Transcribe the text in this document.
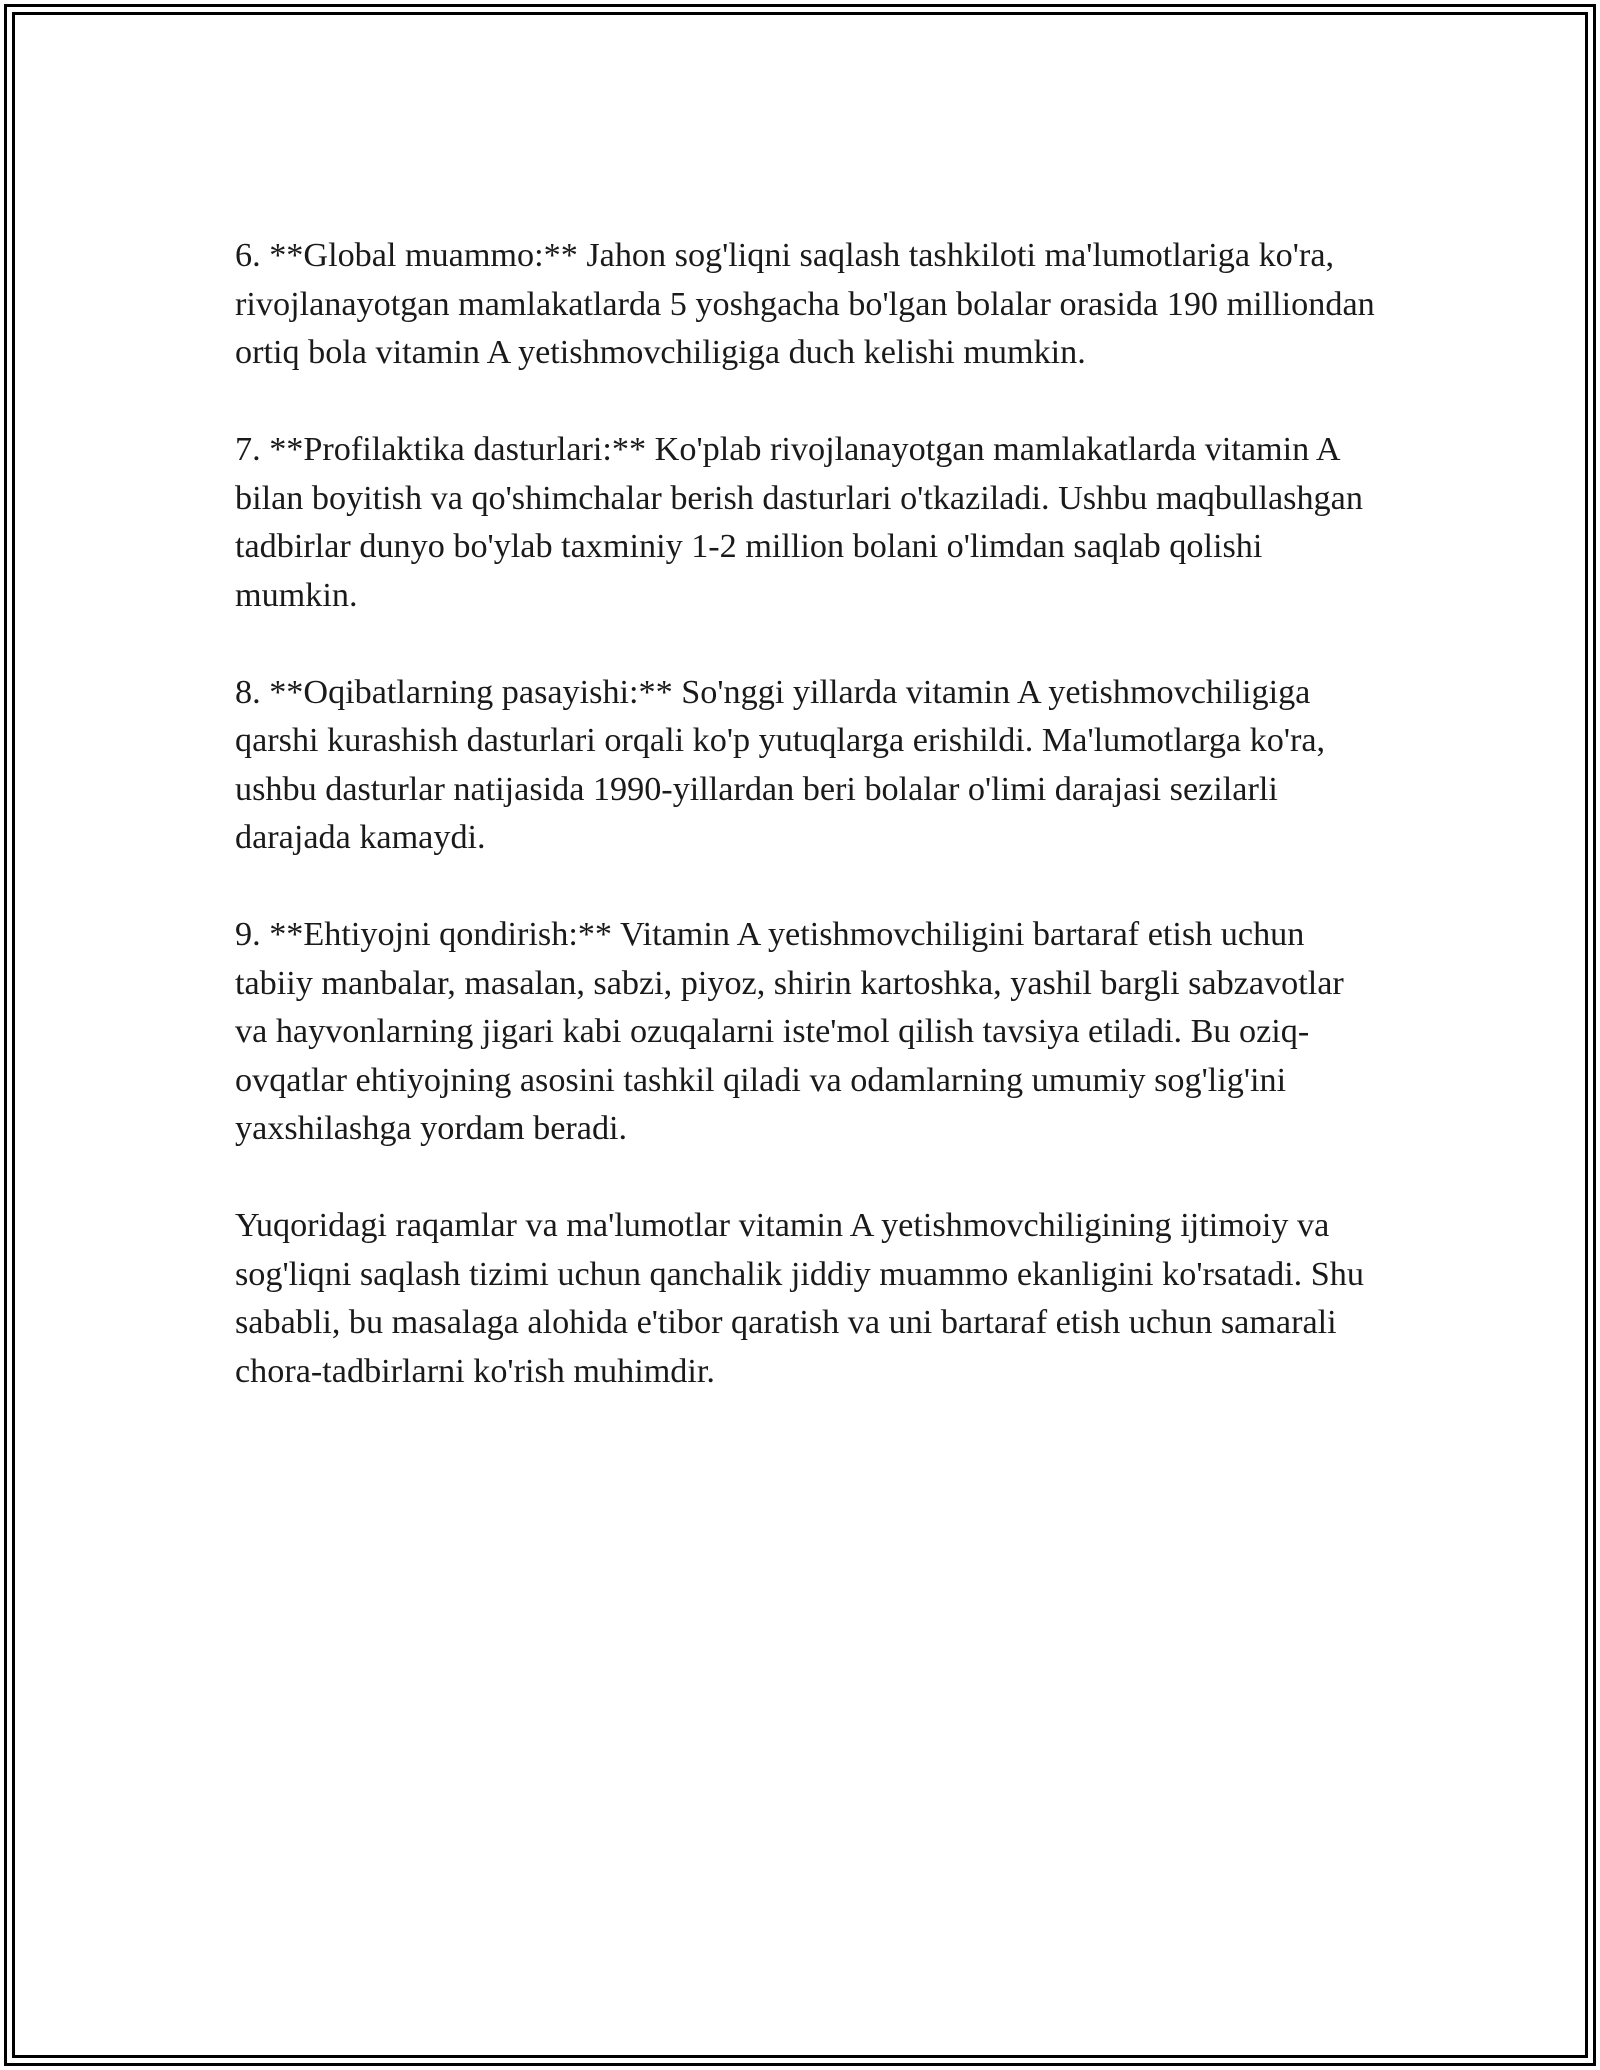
6. **Global muammo:** Jahon sog'liqni saqlash tashkiloti ma'lumotlariga ko'ra, rivojlanayotgan mamlakatlarda 5 yoshgacha bo'lgan bolalar orasida 190 milliondan ortiq bola vitamin A yetishmovchiligiga duch kelishi mumkin.

7. **Profilaktika dasturlari:** Ko'plab rivojlanayotgan mamlakatlarda vitamin A bilan boyitish va qo'shimchalar berish dasturlari o'tkaziladi. Ushbu maqbullashgan tadbirlar dunyo bo'ylab taxminiy 1-2 million bolani o'limdan saqlab qolishi mumkin.

8. **Oqibatlarning pasayishi:** So'nggi yillarda vitamin A yetishmovchiligiga qarshi kurashish dasturlari orqali ko'p yutuqlarga erishildi. Ma'lumotlarga ko'ra, ushbu dasturlar natijasida 1990-yillardan beri bolalar o'limi darajasi sezilarli darajada kamaydi.

9. **Ehtiyojni qondirish:** Vitamin A yetishmovchiligini bartaraf etish uchun tabiiy manbalar, masalan, sabzi, piyoz, shirin kartoshka, yashil bargli sabzavotlar va hayvonlarning jigari kabi ozuqalarni iste'mol qilish tavsiya etiladi. Bu oziq-ovqatlar ehtiyojning asosini tashkil qiladi va odamlarning umumiy sog'lig'ini yaxshilashga yordam beradi.

Yuqoridagi raqamlar va ma'lumotlar vitamin A yetishmovchiligining ijtimoiy va sog'liqni saqlash tizimi uchun qanchalik jiddiy muammo ekanligini ko'rsatadi. Shu sababli, bu masalaga alohida e'tibor qaratish va uni bartaraf etish uchun samarali chora-tadbirlarni ko'rish muhimdir.
